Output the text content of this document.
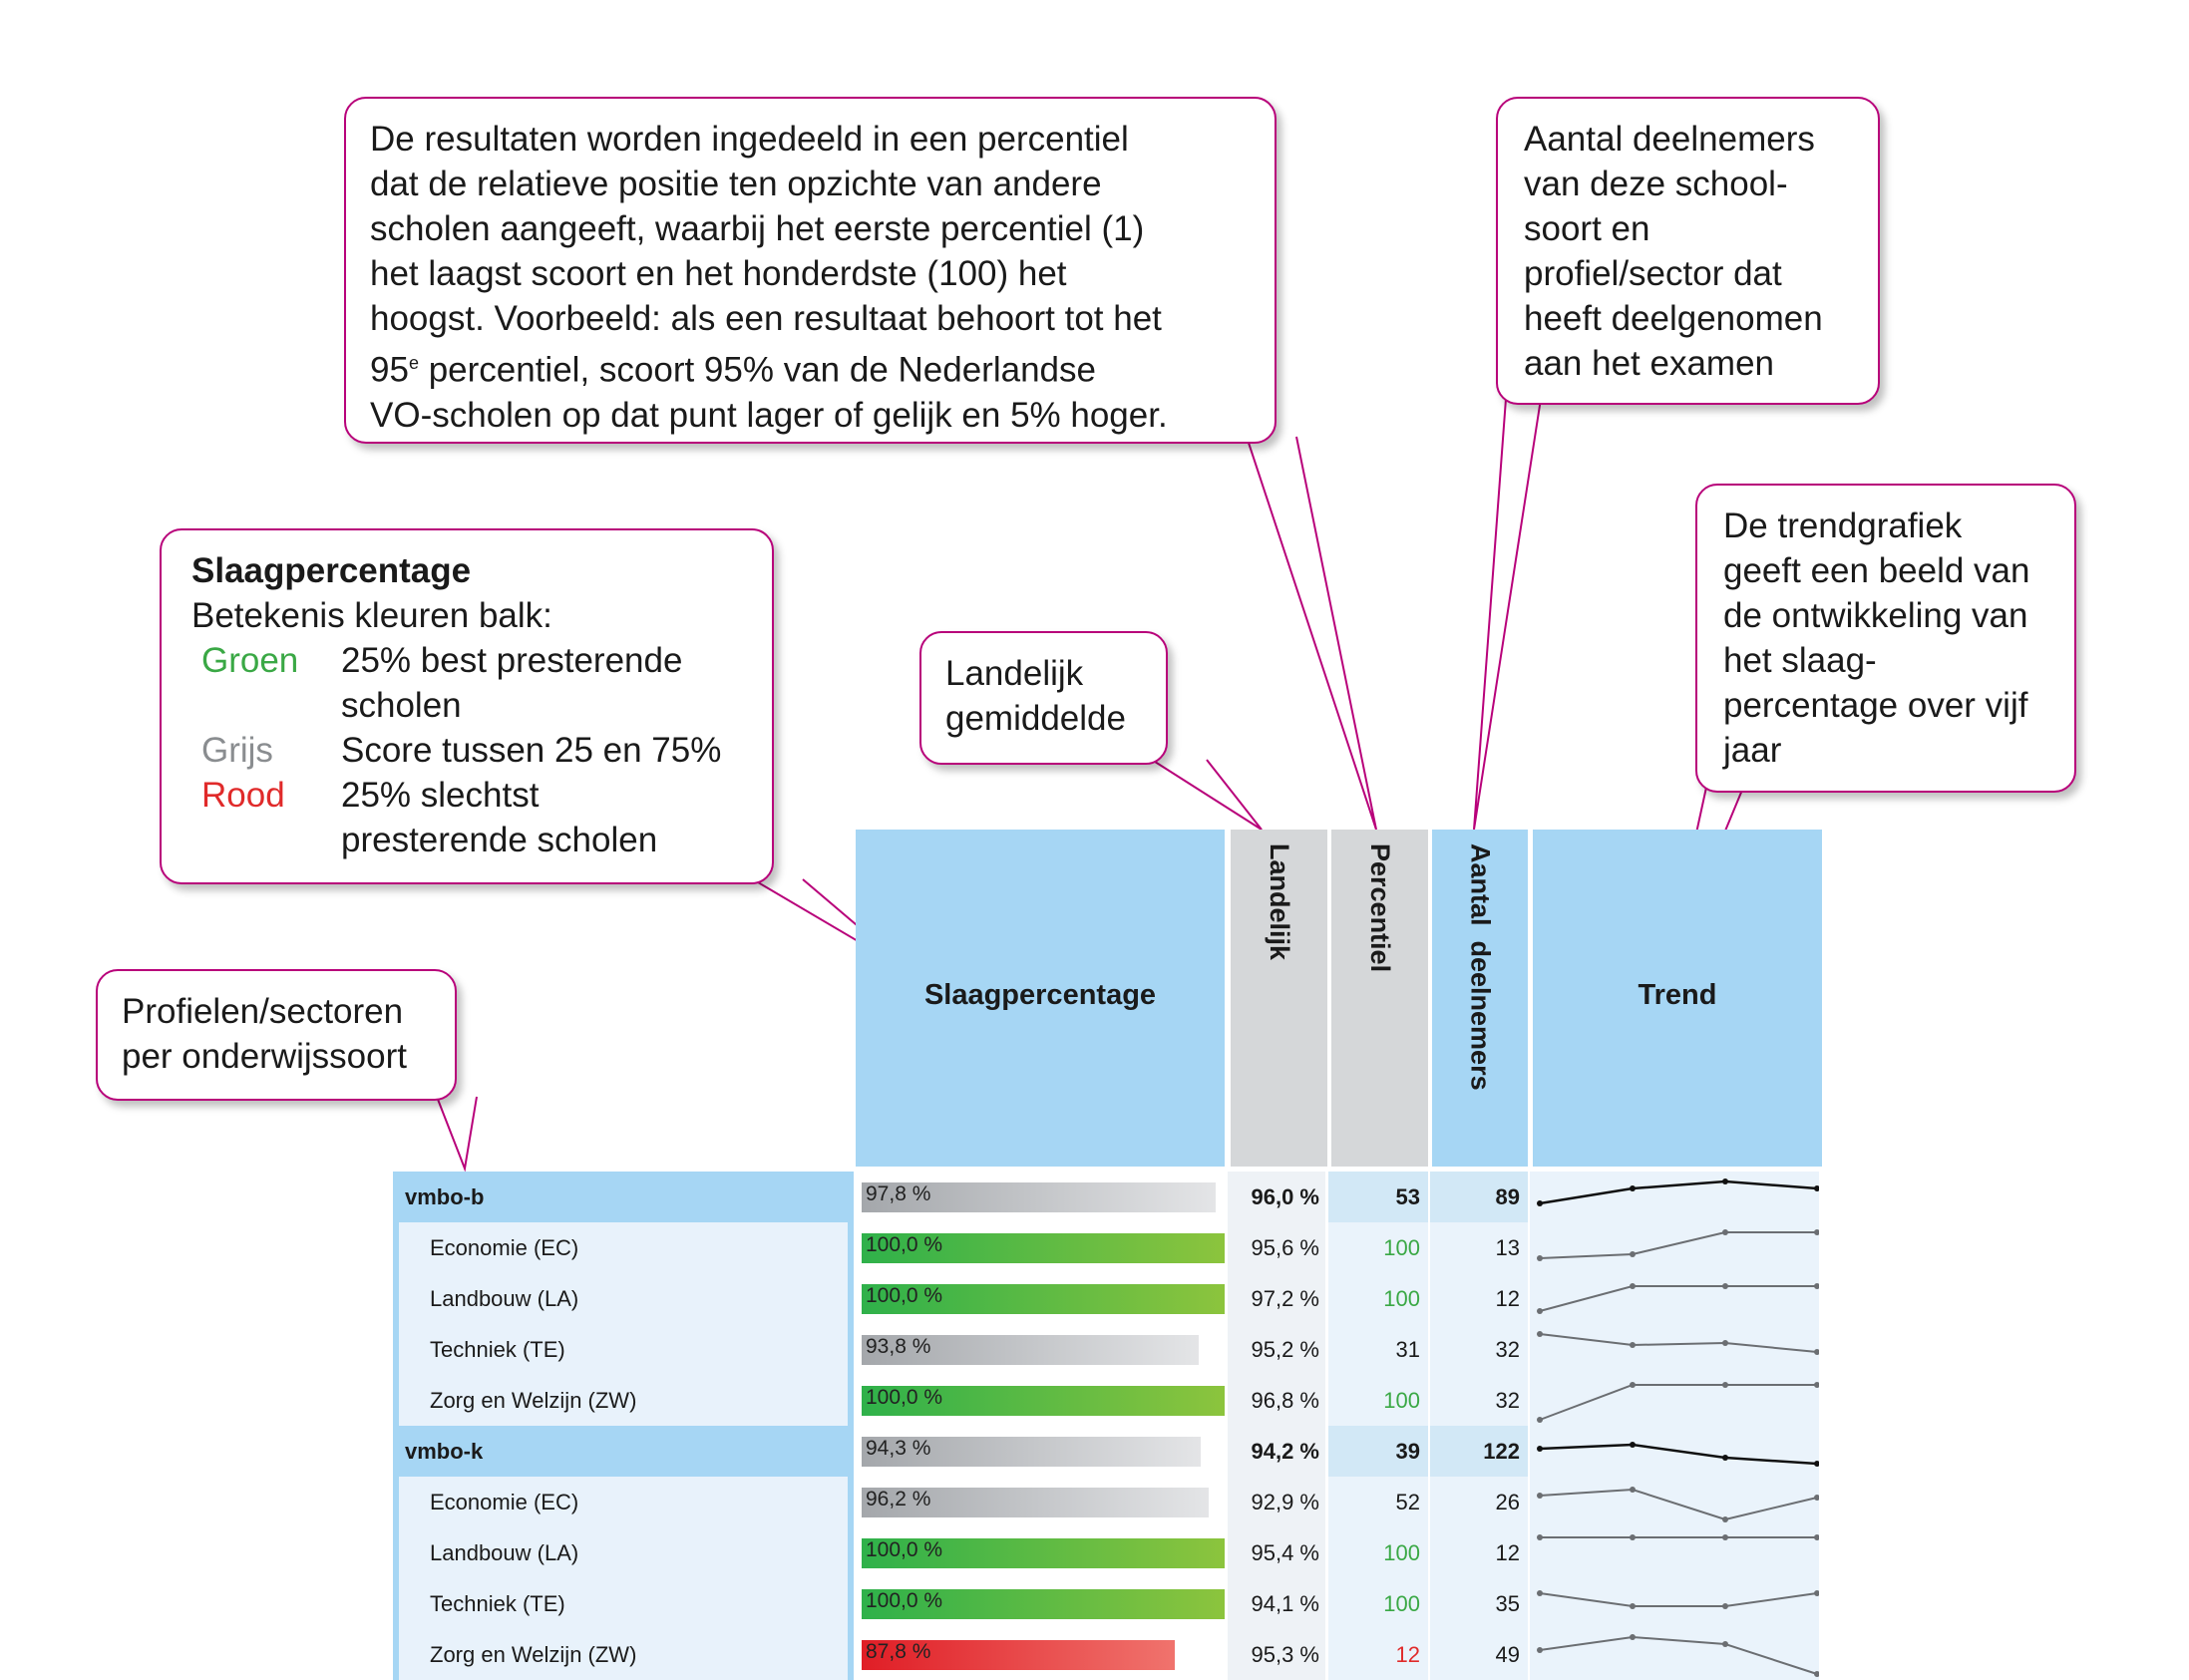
De resultaten worden ingedeeld in een percentiel

dat de relatieve positie ten opzichte van andere

scholen aangeeft, waarbij het eerste percentiel (1)

het laagst scoort en het honderdste (100) het

hoogst. Voorbeeld: als een resultaat behoort tot het

95e percentiel, scoort 95% van de Nederlandse

VO-scholen op dat punt lager of gelijk en 5% hoger.

Aantal deelnemers

van deze school-

soort en

profiel/sector dat

heeft deelgenomen

aan het examen

De trendgrafiek

geeft een beeld van

de ontwikkeling van

het slaag-

percentage over vijf

jaar

Slaagpercentage

Betekenis kleuren balk:

Groen 25% best presterende
scholen
Grijs Score tussen 25 en 75%
Rood 25% slechtst
presterende scholen

Landelijk

gemiddelde

Profielen/sectoren

per onderwijssoort

Slaagpercentage
Landelijk	Percentiel	Aantal  deelnemers	Trend
vmbo-b	97,8 %	96,0 %	53	89
Economie (EC)	100,0 %	95,6 %	100	13
Landbouw (LA)	100,0 %	97,2 %	100	12
Techniek (TE)	93,8 %	95,2 %	31	32
Zorg en Welzijn (ZW)	100,0 %	96,8 %	100	32
vmbo-k	94,3 %	94,2 %	39	122
Economie (EC)	96,2 %	92,9 %	52	26
Landbouw (LA)	100,0 %	95,4 %	100	12
Techniek (TE)	100,0 %	94,1 %	100	35
Zorg en Welzijn (ZW)	87,8 %	95,3 %	12	49
